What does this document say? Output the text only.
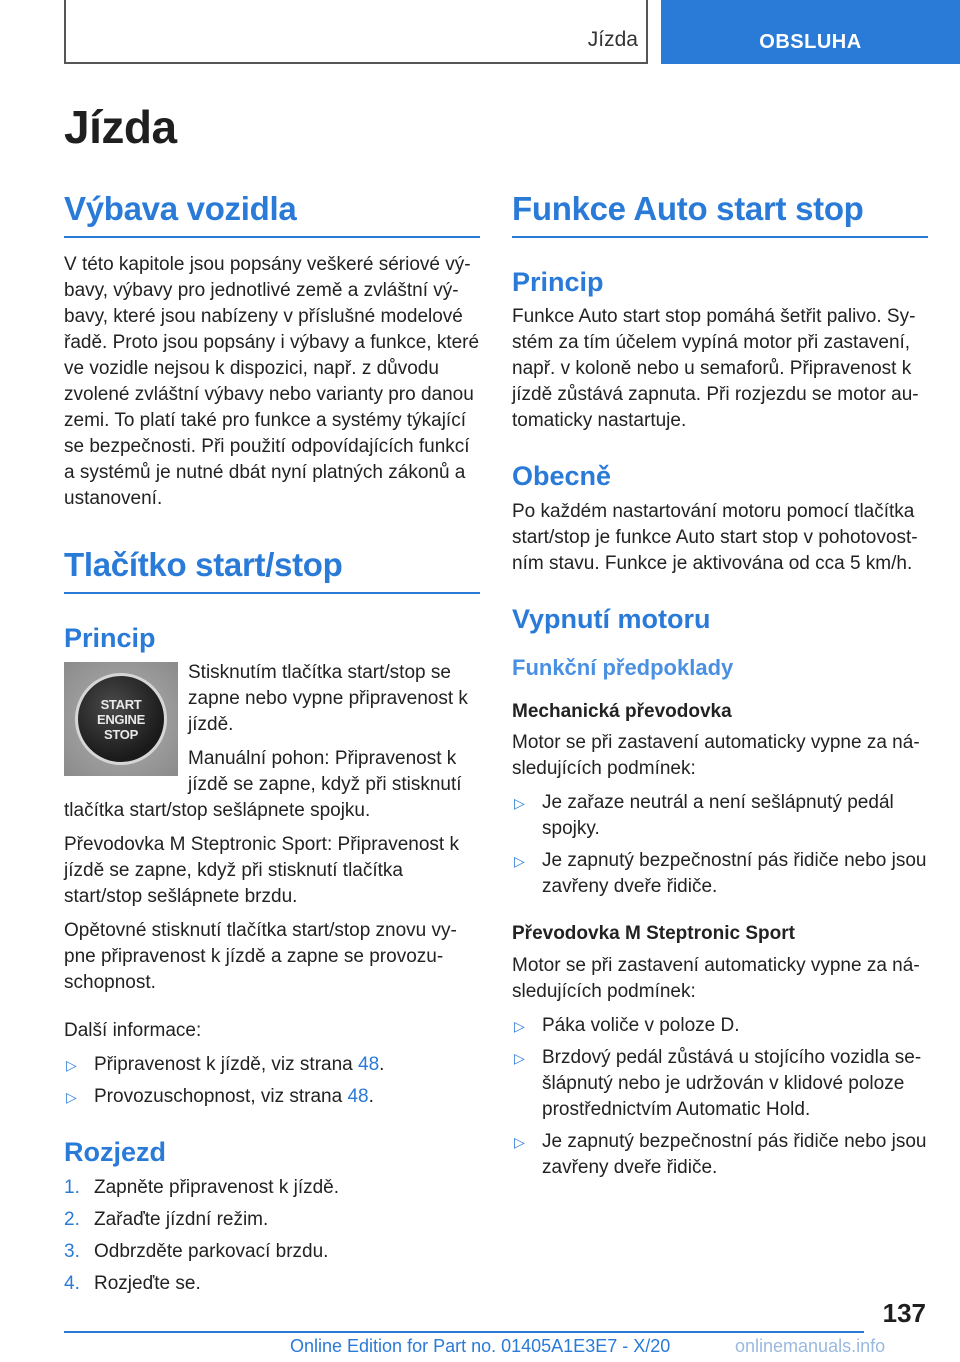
Jízda	OBSLUHA
Jízda
Výbava vozidla

V této kapitole jsou popsány veškeré sériové výbavy, výbavy pro jednotlivé země a zvláštní výbavy, které jsou nabízeny v příslušné modelové řadě. Proto jsou popsány i výbavy a funkce, které ve vozidle nejsou k dispozici, např. z důvodu zvolené zvláštní výbavy nebo varianty pro danou zemi. To platí také pro funkce a systémy týkající se bezpečnosti. Při použití odpovídajících funkcí a systémů je nutné dbát nyní platných zákonů a ustanovení.

Tlačítko start/stop
Princip
START
ENGINE
STOP

Stisknutím tlačítka start/stop se zapne nebo vypne připravenost k jízdě.

Manuální pohon: Připravenost k jízdě se zapne, když při stisknutí tlačítka start/stop sešlápnete spojku.

Převodovka M Steptronic Sport: Připravenost k jízdě se zapne, když při stisknutí tlačítka start/stop sešlápnete brzdu.

Opětovné stisknutí tlačítka start/stop znovu vypne připravenost k jízdě a zapne se provozuschopnost.

Další informace:

▷ Připravenost k jízdě, viz strana 48.
▷ Provozuschopnost, viz strana 48.
Rozjezd
1. Zapněte připravenost k jízdě.
2. Zařaďte jízdní režim.
3. Odbrzděte parkovací brzdu.
4. Rozjeďte se.
Funkce Auto start stop
Princip

Funkce Auto start stop pomáhá šetřit palivo. Systém za tím účelem vypíná motor při zastavení, např. v koloně nebo u semaforů. Připravenost k jízdě zůstává zapnuta. Při rozjezdu se motor automaticky nastartuje.

Obecně

Po každém nastartování motoru pomocí tlačítka start/stop je funkce Auto start stop v pohotovostním stavu. Funkce je aktivována od cca 5 km/h.

Vypnutí motoru
Funkční předpoklady
Mechanická převodovka

Motor se při zastavení automaticky vypne za následujících podmínek:

▷ Je zařaze neutrál a není sešlápnutý pedál spojky.
▷ Je zapnutý bezpečnostní pás řidiče nebo jsou zavřeny dveře řidiče.
Převodovka M Steptronic Sport

Motor se při zastavení automaticky vypne za následujících podmínek:

▷ Páka voliče v poloze D.
▷ Brzdový pedál zůstává u stojícího vozidla sešlápnutý nebo je udržován v klidové poloze prostřednictvím Automatic Hold.
▷ Je zapnutý bezpečnostní pás řidiče nebo jsou zavřeny dveře řidiče.
137
Online Edition for Part no. 01405A1E3E7 - X/20	onlinemanuals.info
